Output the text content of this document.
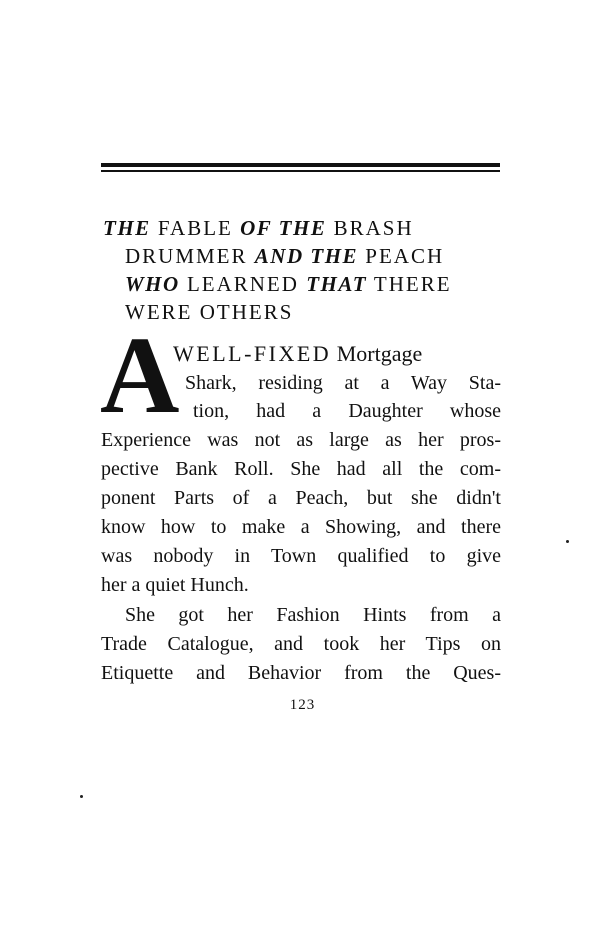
THE FABLE OF THE BRASH
DRUMMER AND THE PEACH
WHO LEARNED THAT THERE
WERE OTHERS
A
WELL-FIXED Mortgage
Shark, residing at a Way Sta-
tion, had a Daughter whose
Experience was not as large as her pros-
pective Bank Roll. She had all the com-
ponent Parts of a Peach, but she didn't
know how to make a Showing, and there
was nobody in Town qualified to give
her a quiet Hunch.
She got her Fashion Hints from a
Trade Catalogue, and took her Tips on
Etiquette and Behavior from the Ques-
123
